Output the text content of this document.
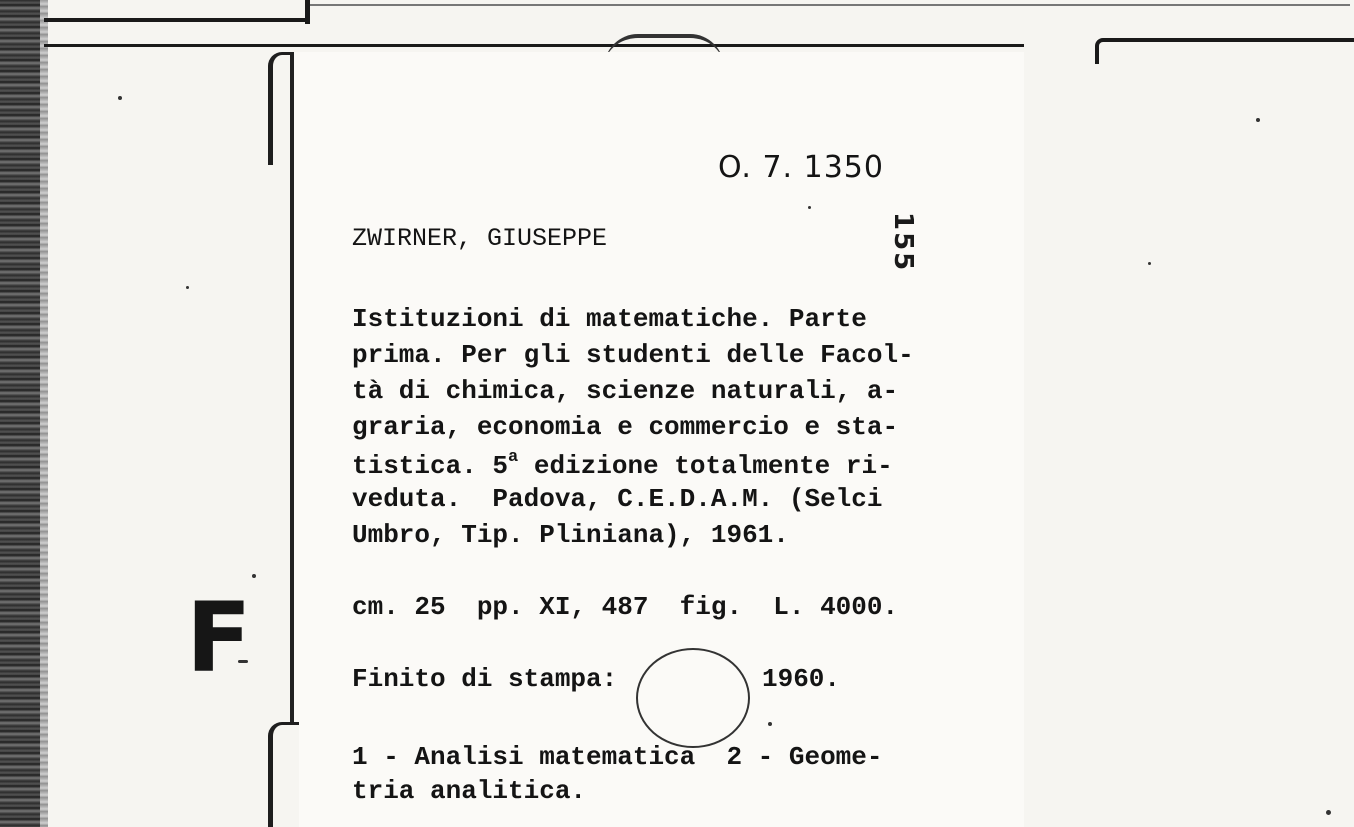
F
O. 7. 1350
155
ZWIRNER, GIUSEPPE
Istituzioni di matematiche. Parte
prima. Per gli studenti delle Facol-
tà di chimica, scienze naturali, a-
graria, economia e commercio e sta-
tistica. 5$^a$ edizione totalmente ri-
veduta.  Padova, C.E.D.A.M. (Selci
Umbro, Tip. Pliniana), 1961.
cm. 25  pp. XI, 487  fig.  L. 4000.
Finito di stampa:	1960.
1 - Analisi matematica  2 - Geome-
tria analitica.
